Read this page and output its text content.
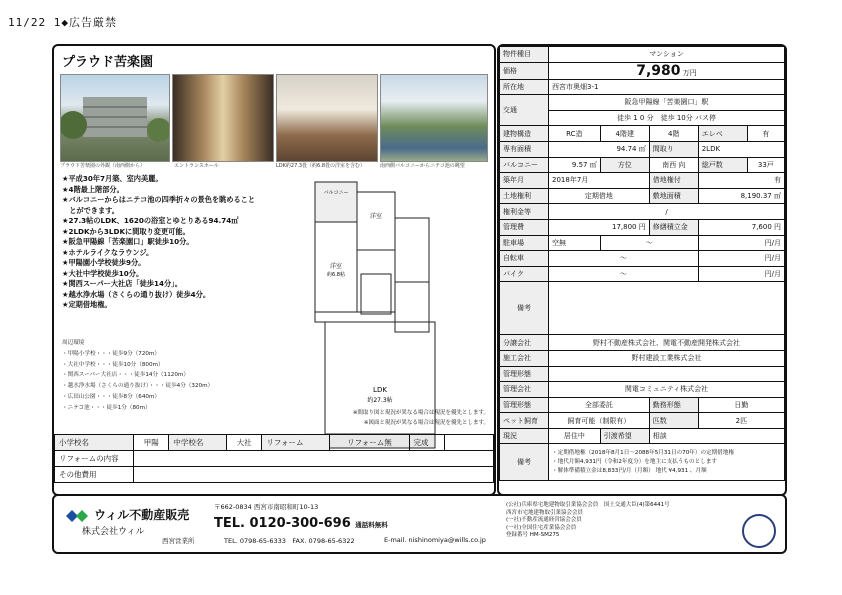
11/22 1◆広告厳禁
プラウド苦楽園
プラウド苦楽園の外観（南西側から）	エントランスホール	LDK約27.3畳（約6.8畳の洋室を含む）	南西側バルコニーからニテコ池の眺望
★平成30年7月築、室内美麗。
★4階最上階部分。
★バルコニーからはニテコ池の四季折々の景色を眺めること
　とができます。
★27.3帖のLDK、1620の浴室とゆとりある94.74㎡
★2LDKから3LDKに間取り変更可能。
★阪急甲陽線「苦楽園口」駅徒歩10分。
★ホテルライクなラウンジ。
★甲陽園小学校徒歩9分。
★大社中学校徒歩10分。
★関西スーパー大社店「徒歩14分」。
★越水浄水場（さくらの通り抜け）徒歩4分。
★定期借地権。
周辺環境
・甲陽小学校・・・徒歩9分（720m）
・大社中学校・・・徒歩10分（800m）
・関西スーパー大社店・・・徒歩14分（1120m）
・越水浄水場（さくらの通り抜け）・・・徒歩4分（320m）
・広田山公園・・・徒歩8分（640m）
・ニテコ池・・・徒歩1分（80m）
バルコニー
洋室
洋室
約6.8帖
LDK
約27.3帖
※間取り図と現況が異なる場合は現況を優先とします。
※図面と現況が異なる場合は現況を優先とします。
小学校名	甲陽	中学校名	大社	リフォーム	リフォーム無	完成	
リフォームの内容							
その他費用							
物件種目	マンション				
価格	7,980 万円				
所在地	西宮市奥畑3-1				
交通	阪急甲陽線「苦楽園口」駅				
	徒歩 1 0 分　徒歩 10分 バス停				
建物構造	RC造	4階建	4階	エレベ	有
専有面積	94.74 ㎡		間取り	2LDK	
バルコニー	9.57 ㎡	方位	南西 向	総戸数	33戸
築年月	2018年7月		借地権付	有	
土地権利	定期借地		敷地面積	8,190.37 ㎡	
権利金等	/				
管理費	17,800 円		修繕積立金	7,600 円	
駐車場	空無	～		円/月	
自転車	～			円/月	
バイク	～			円/月	
備考					
分譲会社	野村不動産株式会社、関電不動産開発株式会社				
施工会社	野村建設工業株式会社				
管理形態					
管理会社	関電コミュニティ株式会社				
管理形態	全部委託		勤務形態	日勤	
ペット飼育	飼育可能（制限有）		匹数	2匹	
現況	居住中	引渡希望	相談		
備考	・定期借地権（2018年8月1日～2088年5月31日の70年）の定期借地権
・地代月額4,931円（令和2年度分）を地主に支払うものとします
・解体準備積立金は8,833円/月（月額） 地代 ¥4,931 、月額				
ウィル不動産販売
株式会社ウィル
西宮営業所
〒662-0834 西宮市南昭和町10-13
TEL. 0120-300-696 通話料無料
TEL. 0798-65-6333　FAX. 0798-65-6322	E-mail. nishinomiya@wills.co.jp
(公社)兵庫県宅地建物取引業協会会員　国土交通大臣(4)第6441号
西宮市宅地建物取引業協会会員
(一社)不動産流通経営協会会員
(一社)全国住宅産業協会会員
登録番号 HM-SM275
